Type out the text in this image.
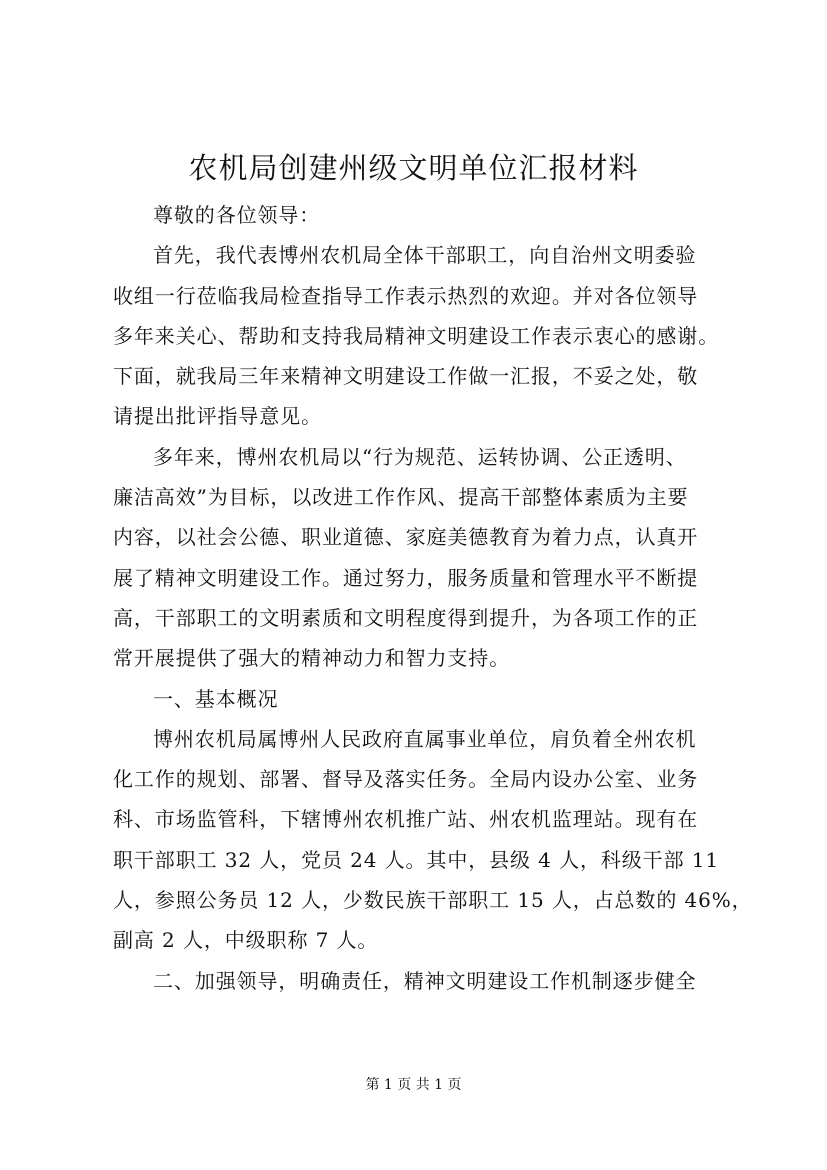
农机局创建州级文明单位汇报材料
尊敬的各位领导：
首先，我代表博州农机局全体干部职工，向自治州文明委验
收组一行莅临我局检查指导工作表示热烈的欢迎。并对各位领导
多年来关心、帮助和支持我局精神文明建设工作表示衷心的感谢。
下面，就我局三年来精神文明建设工作做一汇报，不妥之处，敬
请提出批评指导意见。
多年来，博州农机局以“行为规范、运转协调、公正透明、
廉洁高效”为目标，以改进工作作风、提高干部整体素质为主要
内容，以社会公德、职业道德、家庭美德教育为着力点，认真开
展了精神文明建设工作。通过努力，服务质量和管理水平不断提
高，干部职工的文明素质和文明程度得到提升，为各项工作的正
常开展提供了强大的精神动力和智力支持。
一、基本概况
博州农机局属博州人民政府直属事业单位，肩负着全州农机
化工作的规划、部署、督导及落实任务。全局内设办公室、业务
科、市场监管科，下辖博州农机推广站、州农机监理站。现有在
职干部职工 32 人，党员 24 人。其中，县级 4 人，科级干部 11
人，参照公务员 12 人，少数民族干部职工 15 人，占总数的 46%，
副高 2 人，中级职称 7 人。
二、加强领导，明确责任，精神文明建设工作机制逐步健全
第 1 页 共 1 页
